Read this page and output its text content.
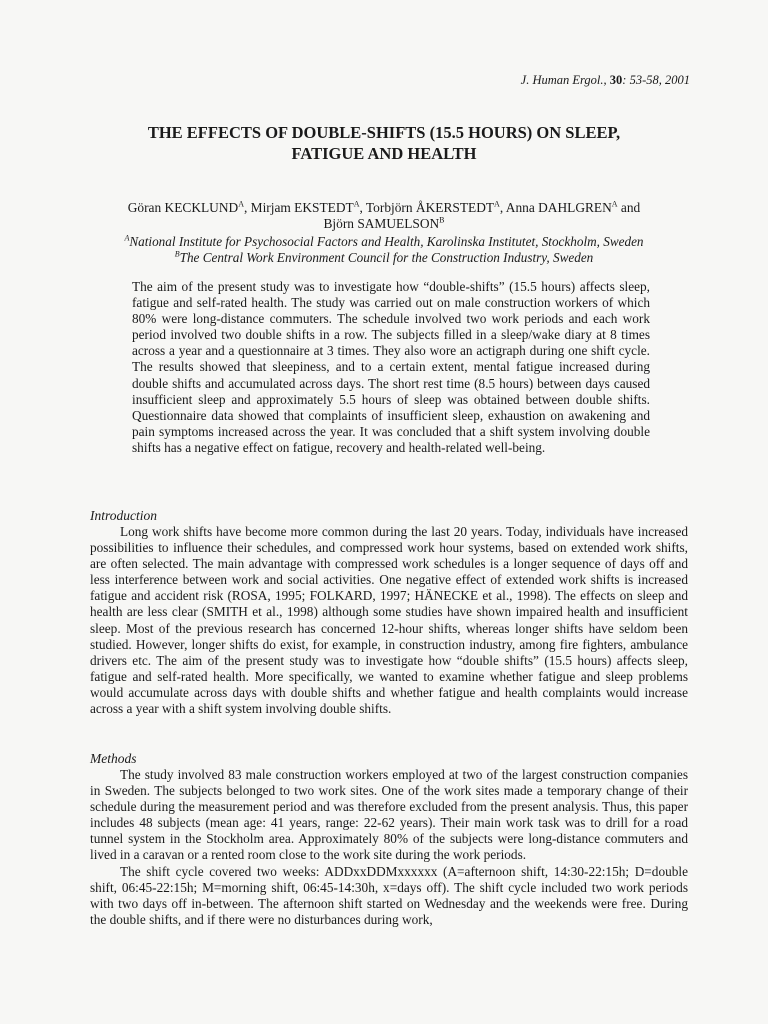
J. Human Ergol., 30: 53-58, 2001
THE EFFECTS OF DOUBLE-SHIFTS (15.5 HOURS) ON SLEEP,
FATIGUE AND HEALTH
Göran $KECKLUND^A$, Mirjam $EKSTEDT^A$, Torbjörn $ÅKERSTEDT^A$, Anna $DAHLGREN^A$ and
Björn $SAMUELSON^B$
$^A$National Institute for Psychosocial Factors and Health, Karolinska Institutet, Stockholm, Sweden
$^B$The Central Work Environment Council for the Construction Industry, Sweden

The aim of the present study was to investigate how “double-shifts” (15.5 hours) affects sleep, fatigue and self-rated health. The study was carried out on male construction workers of which 80% were long-distance commuters. The schedule involved two work periods and each work period involved two double shifts in a row. The subjects filled in a sleep/wake diary at 8 times across a year and a questionnaire at 3 times. They also wore an actigraph during one shift cycle. The results showed that sleepiness, and to a certain extent, mental fatigue increased during double shifts and accumulated across days. The short rest time (8.5 hours) between days caused insufficient sleep and approximately 5.5 hours of sleep was obtained between double shifts. Questionnaire data showed that complaints of insufficient sleep, exhaustion on awakening and pain symptoms increased across the year. It was concluded that a shift system involving double shifts has a negative effect on fatigue, recovery and health-related well-being.

Introduction

Long work shifts have become more common during the last 20 years. Today, individuals have increased possibilities to influence their schedules, and compressed work hour systems, based on extended work shifts, are often selected. The main advantage with compressed work schedules is a longer sequence of days off and less interference between work and social activities. One negative effect of extended work shifts is increased fatigue and accident risk (ROSA, 1995; FOLKARD, 1997; HÄNECKE et al., 1998). The effects on sleep and health are less clear (SMITH et al., 1998) although some studies have shown impaired health and insufficient sleep. Most of the previous research has concerned 12-hour shifts, whereas longer shifts have seldom been studied. However, longer shifts do exist, for example, in construction industry, among fire fighters, ambulance drivers etc. The aim of the present study was to investigate how “double shifts” (15.5 hours) affects sleep, fatigue and self-rated health. More specifically, we wanted to examine whether fatigue and sleep problems would accumulate across days with double shifts and whether fatigue and health complaints would increase across a year with a shift system involving double shifts.

Methods

The study involved 83 male construction workers employed at two of the largest construction companies in Sweden. The subjects belonged to two work sites. One of the work sites made a temporary change of their schedule during the measurement period and was therefore excluded from the present analysis. Thus, this paper includes 48 subjects (mean age: 41 years, range: 22-62 years). Their main work task was to drill for a road tunnel system in the Stockholm area. Approximately 80% of the subjects were long-distance commuters and lived in a caravan or a rented room close to the work site during the work periods.

The shift cycle covered two weeks: ADDxxDDMxxxxxx (A=afternoon shift, 14:30-22:15h; D=double shift, 06:45-22:15h; M=morning shift, 06:45-14:30h, x=days off). The shift cycle included two work periods with two days off in-between. The afternoon shift started on Wednesday and the weekends were free. During the double shifts, and if there were no disturbances during work,
